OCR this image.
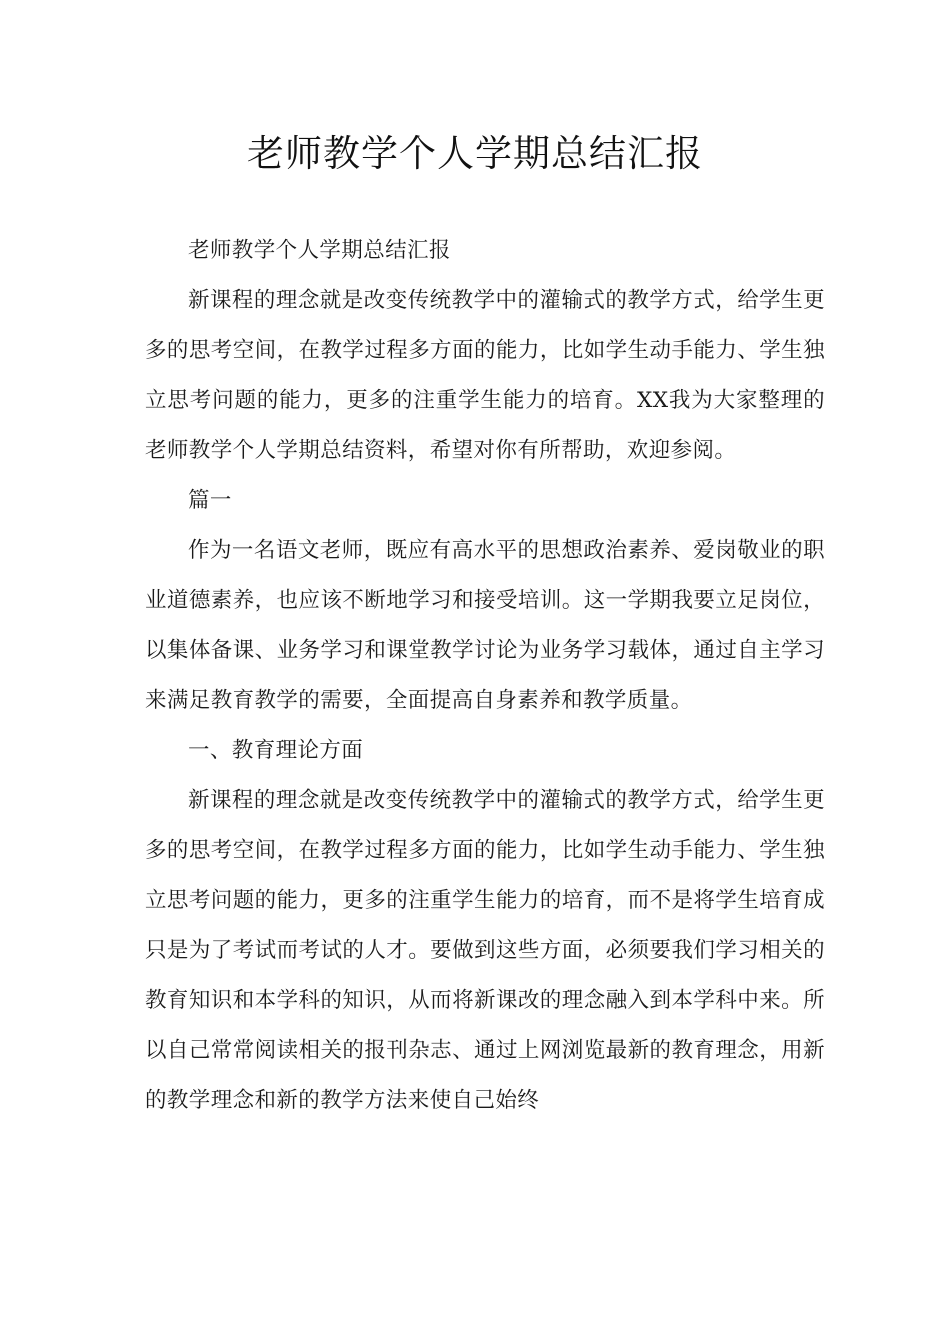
老师教学个人学期总结汇报

老师教学个人学期总结汇报

新课程的理念就是改变传统教学中的灌输式的教学方式，给学生更多的思考空间，在教学过程多方面的能力，比如学生动手能力、学生独立思考问题的能力，更多的注重学生能力的培育。XX我为大家整理的老师教学个人学期总结资料，希望对你有所帮助，欢迎参阅。

篇一

作为一名语文老师，既应有高水平的思想政治素养、爱岗敬业的职业道德素养，也应该不断地学习和接受培训。这一学期我要立足岗位，以集体备课、业务学习和课堂教学讨论为业务学习载体，通过自主学习来满足教育教学的需要，全面提高自身素养和教学质量。

一、教育理论方面

新课程的理念就是改变传统教学中的灌输式的教学方式，给学生更多的思考空间，在教学过程多方面的能力，比如学生动手能力、学生独立思考问题的能力，更多的注重学生能力的培育，而不是将学生培育成只是为了考试而考试的人才。要做到这些方面，必须要我们学习相关的教育知识和本学科的知识，从而将新课改的理念融入到本学科中来。所以自己常常阅读相关的报刊杂志、通过上网浏览最新的教育理念，用新的教学理念和新的教学方法来使自己始终
